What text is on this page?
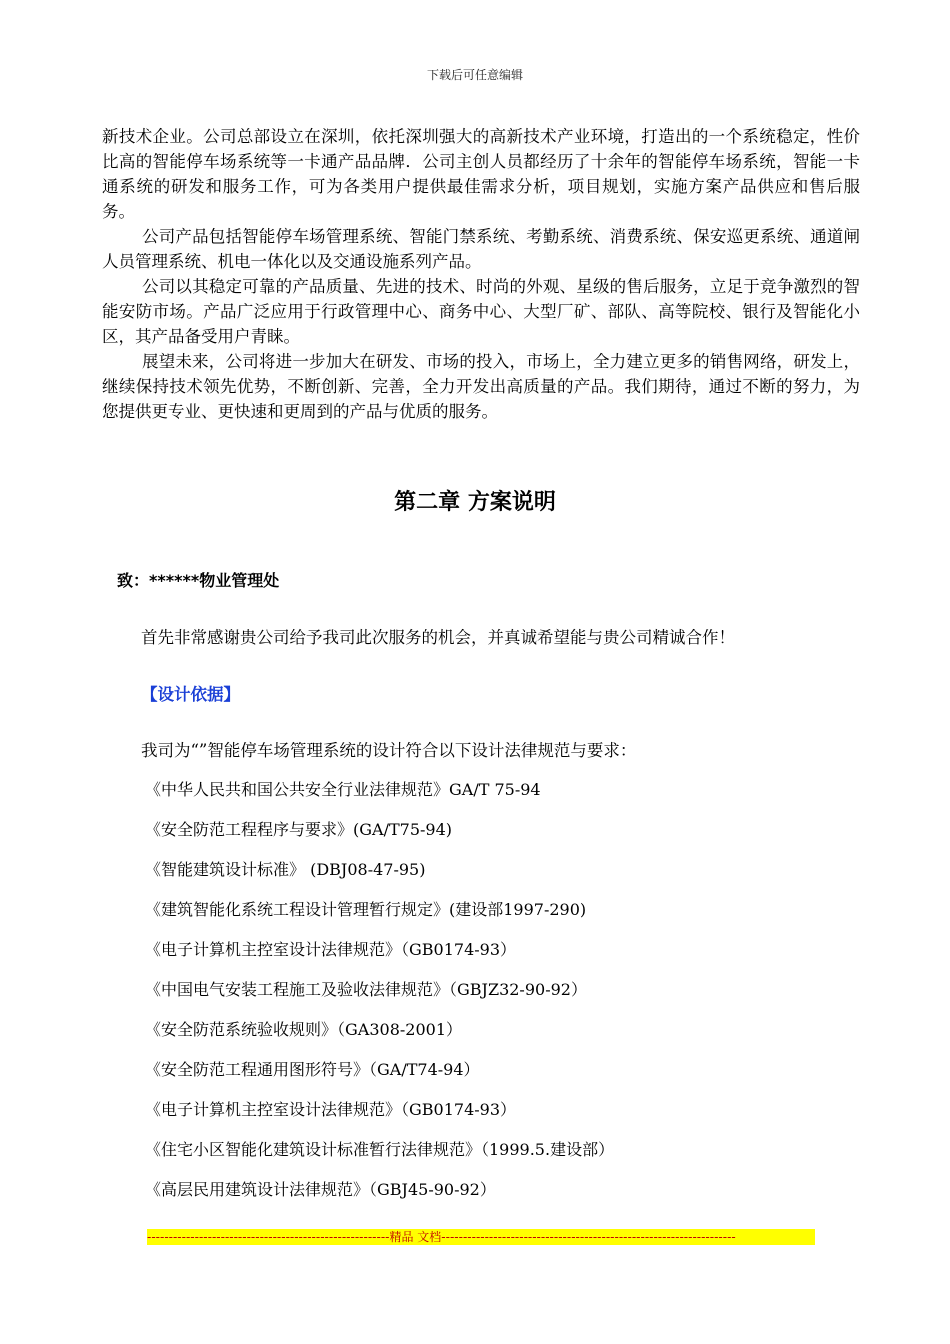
下载后可任意编辑

新技术企业。公司总部设立在深圳，依托深圳强大的高新技术产业环境，打造出的一个系统稳定，性价比高的智能停车场系统等一卡通产品品牌．公司主创人员都经历了十余年的智能停车场系统，智能一卡通系统的研发和服务工作，可为各类用户提供最佳需求分析，项目规划，实施方案产品供应和售后服务。

公司产品包括智能停车场管理系统、智能门禁系统、考勤系统、消费系统、保安巡更系统、通道闸人员管理系统、机电一体化以及交通设施系列产品。

公司以其稳定可靠的产品质量、先进的技术、时尚的外观、星级的售后服务，立足于竞争激烈的智能安防市场。产品广泛应用于行政管理中心、商务中心、大型厂矿、部队、高等院校、银行及智能化小区，其产品备受用户青睐。

展望未来，公司将进一步加大在研发、市场的投入，市场上，全力建立更多的销售网络，研发上，继续保持技术领先优势，不断创新、完善，全力开发出高质量的产品。我们期待，通过不断的努力，为您提供更专业、更快速和更周到的产品与优质的服务。

第二章 方案说明
致：******物业管理处
首先非常感谢贵公司给予我司此次服务的机会，并真诚希望能与贵公司精诚合作！
【设计依据】
我司为“”智能停车场管理系统的设计符合以下设计法律规范与要求：
《中华人民共和国公共安全行业法律规范》GA/T 75-94
《安全防范工程程序与要求》(GA/T75-94)
《智能建筑设计标准》 (DBJ08-47-95)
《建筑智能化系统工程设计管理暂行规定》(建设部1997-290)
《电子计算机主控室设计法律规范》（GB0174-93）
《中国电气安装工程施工及验收法律规范》（GBJZ32-90-92）
《安全防范系统验收规则》（GA308-2001）
《安全防范工程通用图形符号》（GA/T74-94）
《电子计算机主控室设计法律规范》（GB0174-93）
《住宅小区智能化建筑设计标准暂行法律规范》（1999.5.建设部）
《高层民用建筑设计法律规范》（GBJ45-90-92）
--------------------------------------------------------精品 文档--------------------------------------------------------------------
